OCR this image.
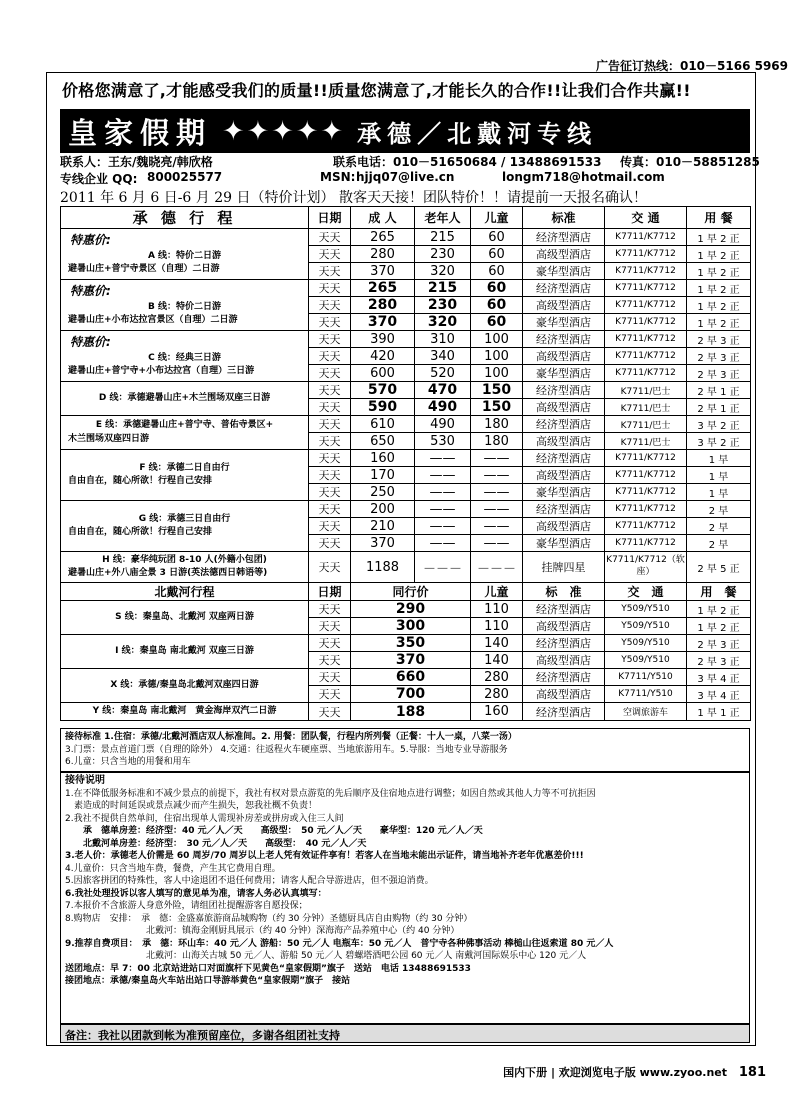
广告征订热线：010－5166 5969
价格您满意了,才能感受我们的质量!!质量您满意了,才能长久的合作!!让我们合作共赢!!
皇家假期 ✦✦✦✦✦ 承德／北戴河专线
联系人：王东/魏晓亮/韩欣格	联系电话：010－51650684 / 13488691533 传真：010－58851285
专线企业 QQ: 800025577	MSN: hjjq07@live.cn	longm718@hotmail.com
2011 年 6 月 6 日-6 月 29 日（特价计划） 散客天天接！团队特价！！请提前一天报名确认！
承 德 行 程	日期	成 人	老年人	儿童	标准	交 通	用 餐

特惠价:
A 线：特价二日游
避暑山庄+普宁寺景区（自理）二日游	天天	265	215	60	经济型酒店	K7711/K7712	1 早 2 正
	天天	280	230	60	高级型酒店	K7711/K7712	1 早 2 正
	天天	370	320	60	豪华型酒店	K7711/K7712	1 早 2 正

特惠价:
B 线：特价二日游
避暑山庄+小布达拉宫景区（自理）二日游	天天	265	215	60	经济型酒店	K7711/K7712	1 早 2 正
	天天	280	230	60	高级型酒店	K7711/K7712	1 早 2 正
	天天	370	320	60	豪华型酒店	K7711/K7712	1 早 2 正

特惠价:
C 线：经典三日游
避暑山庄+普宁寺+小布达拉宫（自理）三日游	天天	390	310	100	经济型酒店	K7711/K7712	2 早 3 正
	天天	420	340	100	高级型酒店	K7711/K7712	2 早 3 正
	天天	600	520	100	豪华型酒店	K7711/K7712	2 早 3 正

D 线：承德避暑山庄+木兰围场双座三日游	天天	570	470	150	经济型酒店	K7711/巴士	2 早 1 正
	天天	590	490	150	高级型酒店	K7711/巴士	2 早 1 正

E 线：承德避暑山庄+普宁寺、普佑寺景区+
木兰围场双座四日游	天天	610	490	180	经济型酒店	K7711/巴士	3 早 2 正
	天天	650	530	180	高级型酒店	K7711/巴士	3 早 2 正

F 线：承德二日自由行
自由自在，随心所欲！行程自己安排	天天	160	——	——	经济型酒店	K7711/K7712	1 早
	天天	170	——	——	高级型酒店	K7711/K7712	1 早
	天天	250	——	——	豪华型酒店	K7711/K7712	1 早

G 线：承德三日自由行
自由自在，随心所欲！行程自己安排	天天	200	——	——	经济型酒店	K7711/K7712	2 早
	天天	210	——	——	高级型酒店	K7711/K7712	2 早
	天天	370	——	——	豪华型酒店	K7711/K7712	2 早

H 线：豪华纯玩团 8-10 人(外籍小包团)
避暑山庄+外八庙全景 3 日游(英法德西日韩语等)	天天	1188	－－－	－－－	挂牌四星	K7711/K7712（软座）	2 早 5 正
北戴河行程	日期	同行价		儿童	标　准	交　通	用　餐

S 线：秦皇岛、北戴河 双座两日游	天天	290		110	经济型酒店	Y509/Y510	1 早 2 正
	天天	300		110	高级型酒店	Y509/Y510	1 早 2 正

I 线：秦皇岛 南北戴河 双座三日游	天天	350		140	经济型酒店	Y509/Y510	2 早 3 正
	天天	370		140	高级型酒店	Y509/Y510	2 早 3 正

X 线：承德/秦皇岛北戴河双座四日游	天天	660		280	经济型酒店	K7711/Y510	3 早 4 正
	天天	700		280	高级型酒店	K7711/Y510	3 早 4 正

Y 线：秦皇岛 南北戴河　黄金海岸双汽二日游	天天	188		160	经济型酒店	空调旅游车	1 早 1 正
接待标准 1.住宿：承德/北戴河酒店双人标准间。2. 用餐：团队餐，行程内所列餐（正餐：十人一桌，八菜一汤）
3.门票：景点首道门票（自理的除外） 4.交通：往返程火车硬座票、当地旅游用车。5.导服：当地专业导游服务
6.儿童：只含当地的用餐和用车
接待说明
1.在不降低服务标准和不减少景点的前提下，我社有权对景点游览的先后顺序及住宿地点进行调整；如因自然或其他人力等不可抗拒因
　素造成的时间延误或景点减少而产生损失，恕我社概不负责！
2.我社不提供自然单间，住宿出现单人需现补房差或拼房或入住三人间
　　承　德单房差：经济型：40 元／人／天　　高级型：　50 元／人／天　　豪华型：120 元／人／天
　　北戴河单房差：经济型：　30 元／人／天　　高级型：　40 元／人／天
3.老人价：承德老人价需是 60 周岁/70 周岁以上老人凭有效证件享有！若客人在当地未能出示证件，请当地补齐老年优惠差价!!!
4.儿童价：只含当地车费，餐费，产生其它费用自理。
5.因旅客拼团的特殊性，客人中途退团不退任何费用；请客人配合导游进店，但不强迫消费。
6.我社处理投诉以客人填写的意见单为准，请客人务必认真填写：
7.本报价不含旅游人身意外险，请组团社提醒游客自愿投保；
8.购物店　安排：　承　德：金盛嘉旅游商品城购物（约 30 分钟）圣德厨具店自由购物（约 30 分钟）
　　　　　　　　　北戴河：镇海金刚厨具展示（约 40 分钟）深海海产品养殖中心（约 40 分钟）
9.推荐自费项目：　承　德：环山车：40 元／人 游船：50 元／人 电瓶车：50 元／人　普宁寺各种佛事活动 棒槌山往返索道 80 元／人
　　　　　　　　　北戴河：山海关古城 50 元／人、游船 50 元／人 碧螺塔酒吧公园 60 元／人 南戴河国际娱乐中心 120 元／人
送团地点：早 7：00 北京站进站口对面旗杆下见黄色“皇家假期”旗子　送站　电话 13488691533
接团地点：承德/秦皇岛火车站出站口导游举黄色“皇家假期”旗子　接站
备注：我社以团款到帐为准预留座位，多谢各组团社支持
国内下册 | 欢迎浏览电子版 www.zyoo.net 181
